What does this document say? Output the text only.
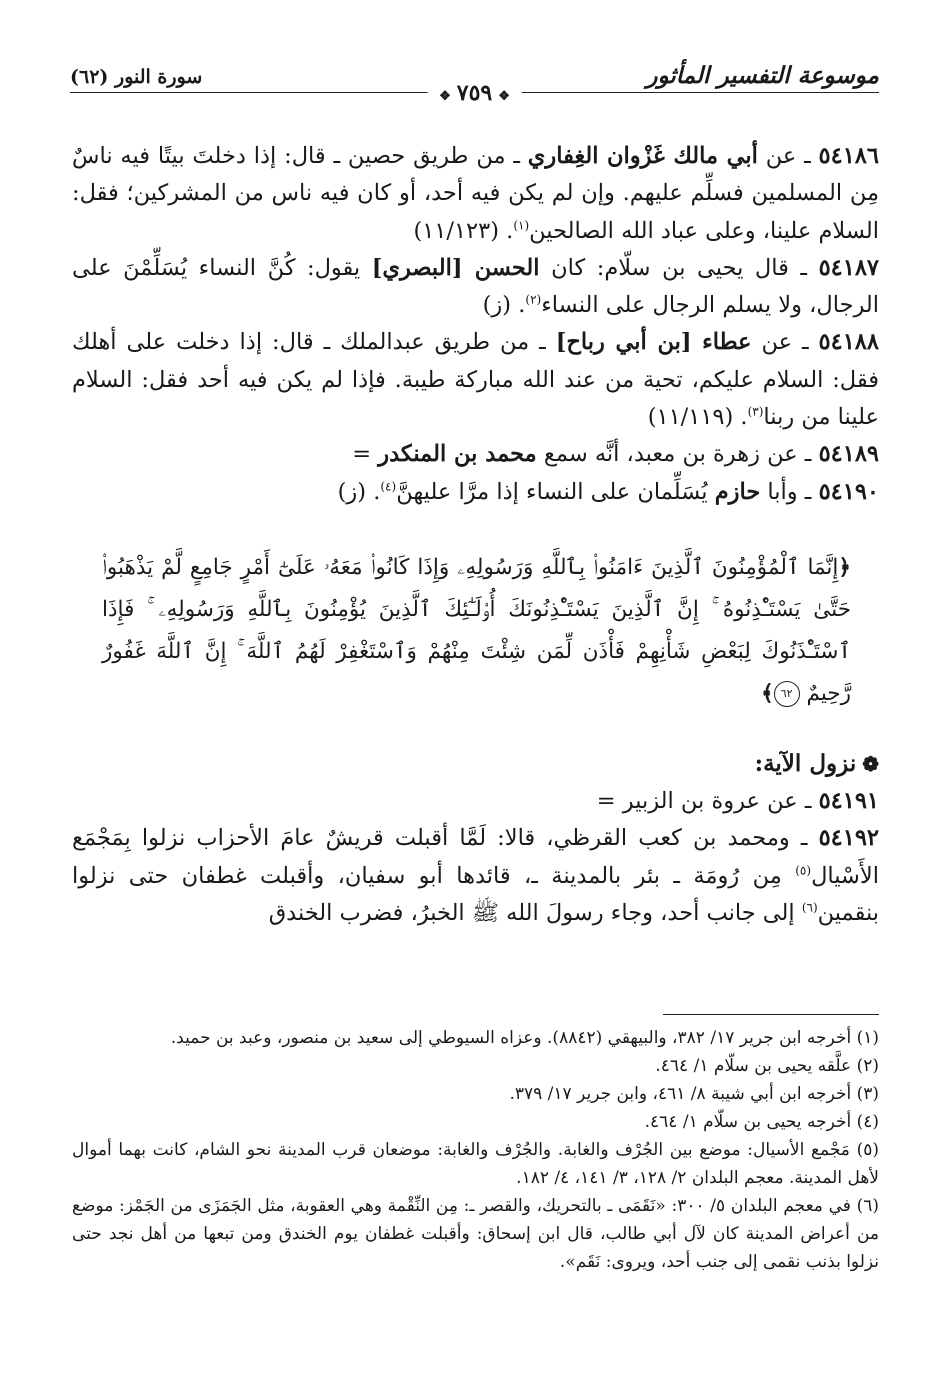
موسوعة التفسير المأثور
❖٧٥٩❖
سورة النور (٦٢)

٥٤١٨٦ ـ عن أبي مالك غَزْوان الغِفاري ـ من طريق حصين ـ قال: إذا دخلتَ بيتًا فيه ناسٌ مِن المسلمين فسلِّم عليهم. وإن لم يكن فيه أحد، أو كان فيه ناس من المشركين؛ فقل: السلام علينا، وعلى عباد الله الصالحين$^{(١)}$. (١١/١٢٣)

٥٤١٨٧ ـ قال يحيى بن سلّام: كان الحسن [البصري] يقول: كُنَّ النساء يُسَلِّمْنَ على الرجال، ولا يسلم الرجال على النساء$^{(٢)}$. (ز)

٥٤١٨٨ ـ عن عطاء [بن أبي رباح] ـ من طريق عبدالملك ـ قال: إذا دخلت على أهلك فقل: السلام عليكم، تحية من عند الله مباركة طيبة. فإذا لم يكن فيه أحد فقل: السلام علينا من ربنا$^{(٣)}$. (١١/١١٩)

٥٤١٨٩ ـ عن زهرة بن معبد، أنَّه سمع محمد بن المنكدر =

٥٤١٩٠ ـ وأبا حازم يُسَلِّمان على النساء إذا مرَّا عليهنَّ$^{(٤)}$. (ز)

﴿إِنَّمَا ٱلْمُؤْمِنُونَ ٱلَّذِينَ ءَامَنُوا۟ بِٱللَّهِ وَرَسُولِهِۦ وَإِذَا كَانُوا۟ مَعَهُۥ عَلَىٰٓ أَمْرٍ جَامِعٍ لَّمْ يَذْهَبُوا۟ حَتَّىٰ يَسْتَـْٔذِنُوهُ ۚ إِنَّ ٱلَّذِينَ يَسْتَـْٔذِنُونَكَ أُو۟لَـٰٓئِكَ ٱلَّذِينَ يُؤْمِنُونَ بِٱللَّهِ وَرَسُولِهِۦ ۚ فَإِذَا ٱسْتَـْٔذَنُوكَ لِبَعْضِ شَأْنِهِمْ فَأْذَن لِّمَن شِئْتَ مِنْهُمْ وَٱسْتَغْفِرْ لَهُمُ ٱللَّهَ ۚ إِنَّ ٱللَّهَ غَفُورٌ رَّحِيمٌ ٦٢﴾

❁نزول الآية:

٥٤١٩١ ـ عن عروة بن الزبير =

٥٤١٩٢ ـ ومحمد بن كعب القرظي، قالا: لَمَّا أقبلت قريشٌ عامَ الأحزاب نزلوا بِمَجْمَع الأَسْيال$^{(٥)}$ مِن رُومَة ـ بئر بالمدينة ـ، قائدها أبو سفيان، وأقبلت غطفان حتى نزلوا بنقمين$^{(٦)}$ إلى جانب أحد، وجاء رسولَ الله ﷺ الخبرُ، فضرب الخندق

(١) أخرجه ابن جرير ١٧/ ٣٨٢، والبيهقي (٨٨٤٢). وعزاه السيوطي إلى سعيد بن منصور، وعبد بن حميد.

(٢) علَّقه يحيى بن سلّام ١/ ٤٦٤.

(٣) أخرجه ابن أبي شيبة ٨/ ٤٦١، وابن جرير ١٧/ ٣٧٩.

(٤) أخرجه يحيى بن سلّام ١/ ٤٦٤.

(٥) مَجْمع الأسيال: موضع بين الجُرْف والغابة. والجُرْف والغابة: موضعان قرب المدينة نحو الشام، كانت بهما أموال لأهل المدينة. معجم البلدان ٢/ ١٢٨، ٣/ ١٤١، ٤/ ١٨٢.

(٦) في معجم البلدان ٥/ ٣٠٠: «نَقَمَى ـ بالتحريك، والقصر ـ: مِن النِّقْمة وهي العقوبة، مثل الجَمَزَى من الجَمْز: موضع من أعراض المدينة كان لآل أبي طالب، قال ابن إسحاق: وأقبلت غطفان يوم الخندق ومن تبعها من أهل نجد حتى نزلوا بذنب نقمى إلى جنب أحد، ويروى: نَقَم».
